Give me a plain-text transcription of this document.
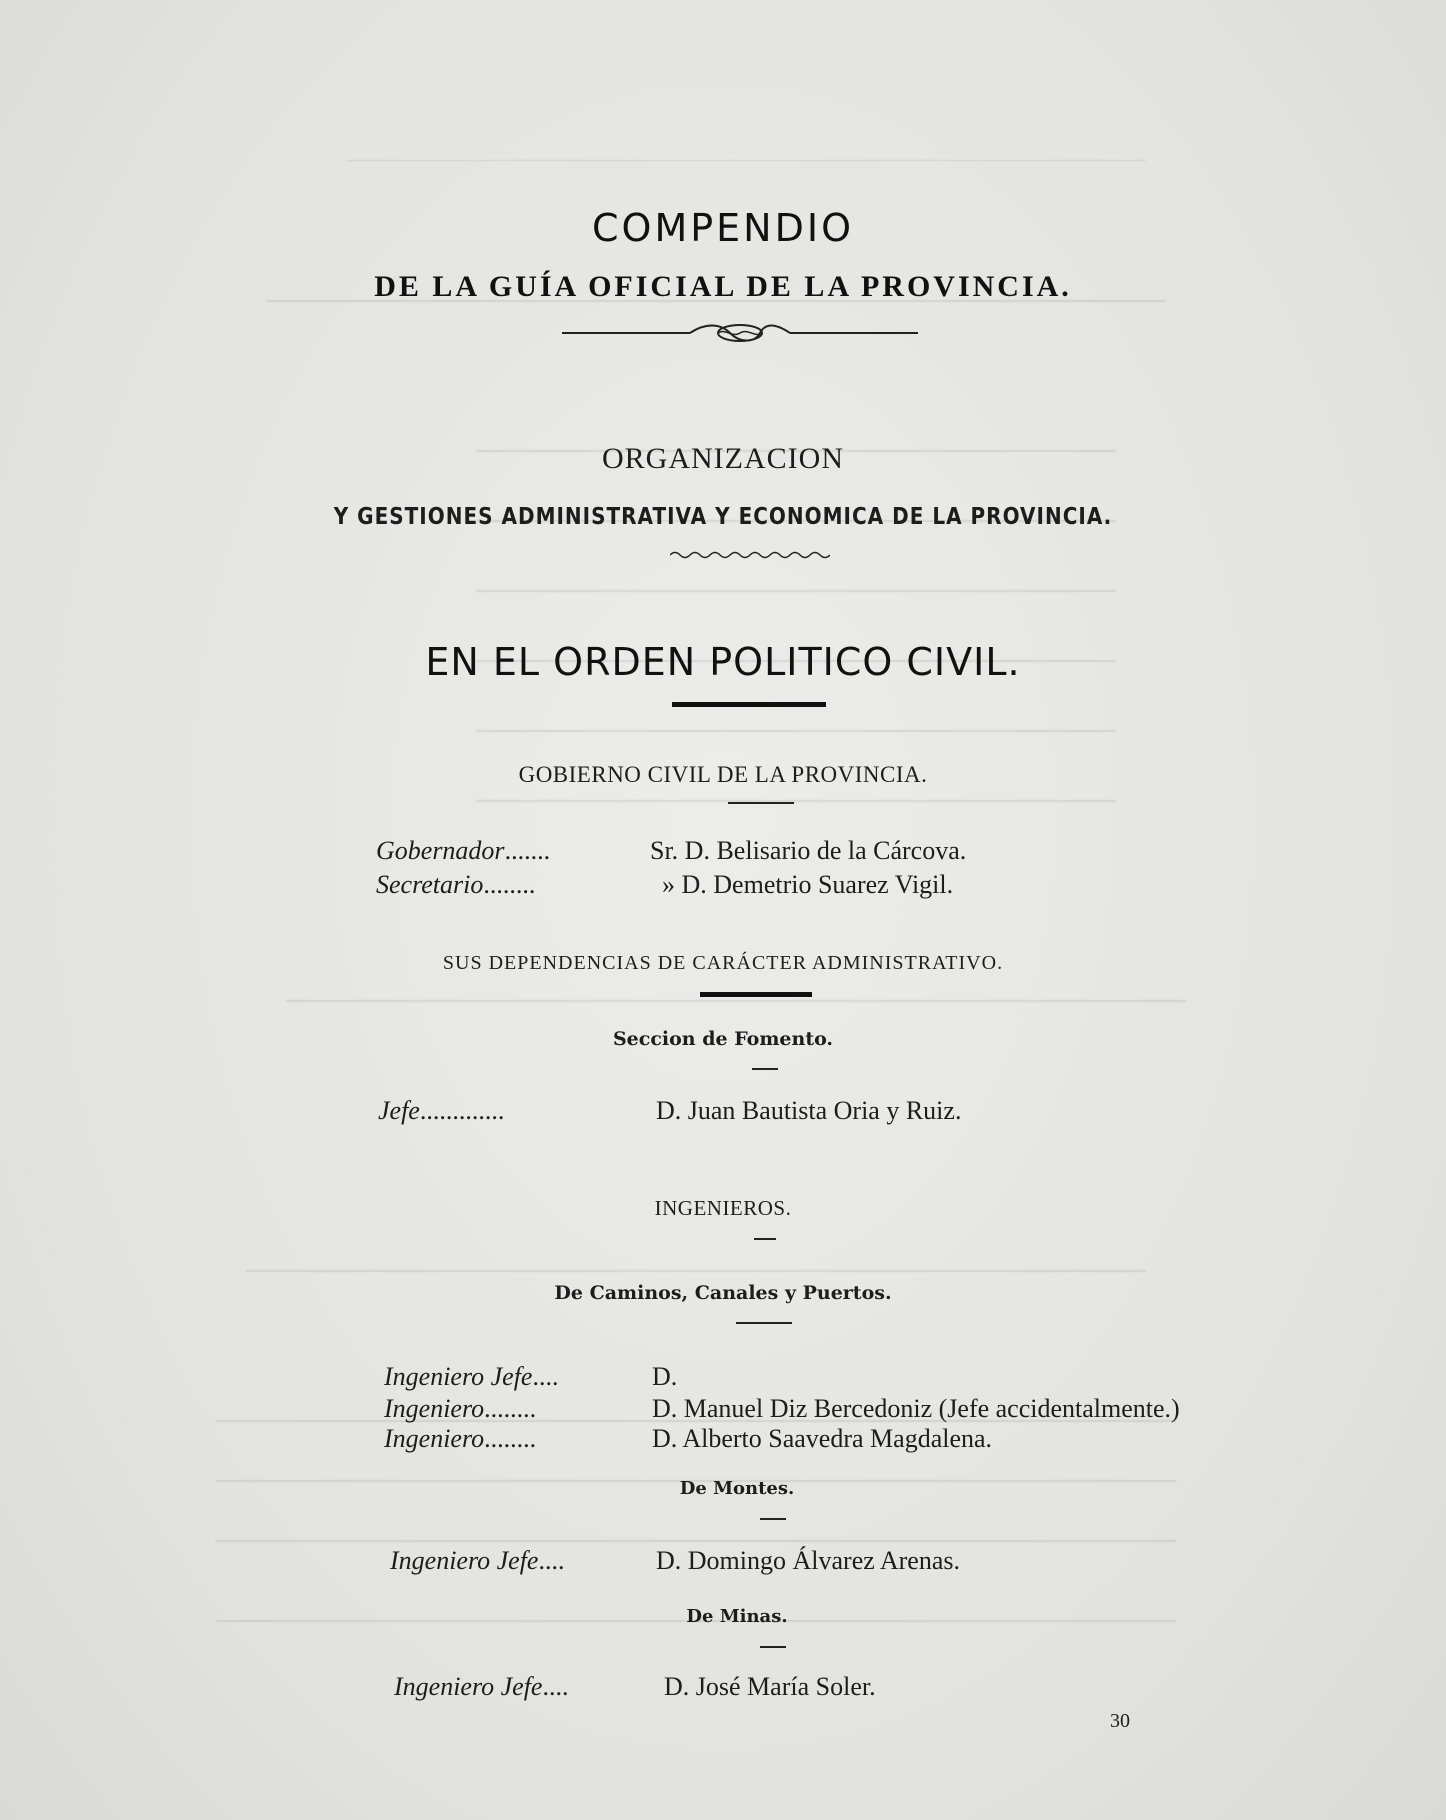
COMPENDIO
DE LA GUÍA OFICIAL DE LA PROVINCIA.
ORGANIZACION
Y GESTIONES ADMINISTRATIVA Y ECONOMICA DE LA PROVINCIA.
EN EL ORDEN POLITICO CIVIL.
GOBIERNO CIVIL DE LA PROVINCIA.
Gobernador.......	Sr. D. Belisario de la Cárcova.
Secretario........	» D. Demetrio Suarez Vigil.
SUS DEPENDENCIAS DE CARÁCTER ADMINISTRATIVO.
Seccion de Fomento.
Jefe.............	D. Juan Bautista Oria y Ruiz.
INGENIEROS.
De Caminos, Canales y Puertos.
Ingeniero Jefe....	D.
Ingeniero........	D. Manuel Diz Bercedoniz (Jefe accidentalmente.)
Ingeniero........	D. Alberto Saavedra Magdalena.
De Montes.
Ingeniero Jefe....	D. Domingo Álvarez Arenas.
De Minas.
Ingeniero Jefe....	D. José María Soler.
30
